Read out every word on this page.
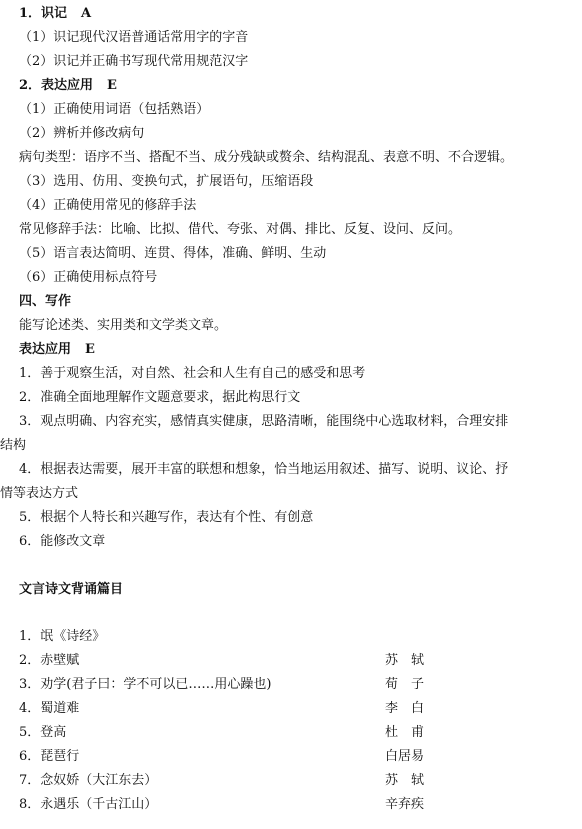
1．识记 A
（1）识记现代汉语普通话常用字的字音
（2）识记并正确书写现代常用规范汉字
2．表达应用 E
（1）正确使用词语（包括熟语）
（2）辨析并修改病句
病句类型：语序不当、搭配不当、成分残缺或赘余、结构混乱、表意不明、不合逻辑。
（3）选用、仿用、变换句式，扩展语句，压缩语段
（4）正确使用常见的修辞手法
常见修辞手法：比喻、比拟、借代、夸张、对偶、排比、反复、设问、反问。
（5）语言表达简明、连贯、得体，准确、鲜明、生动
（6）正确使用标点符号
四、写作
能写论述类、实用类和文学类文章。
表达应用 E
1．善于观察生活，对自然、社会和人生有自己的感受和思考
2．准确全面地理解作文题意要求，据此构思行文
3．观点明确、内容充实，感情真实健康，思路清晰，能围绕中心选取材料，合理安排
结构
4．根据表达需要，展开丰富的联想和想象，恰当地运用叙述、描写、说明、议论、抒
情等表达方式
5．根据个人特长和兴趣写作，表达有个性、有创意
6．能修改文章
文言诗文背诵篇目
1．氓《诗经》
2．赤壁赋	苏　轼
3．劝学(君子曰：学不可以已……用心躁也)	荀　子
4．蜀道难	李　白
5．登高	杜　甫
6．琵琶行	白居易
7．念奴娇（大江东去）	苏　轼
8．永遇乐（千古江山）	辛弃疾
